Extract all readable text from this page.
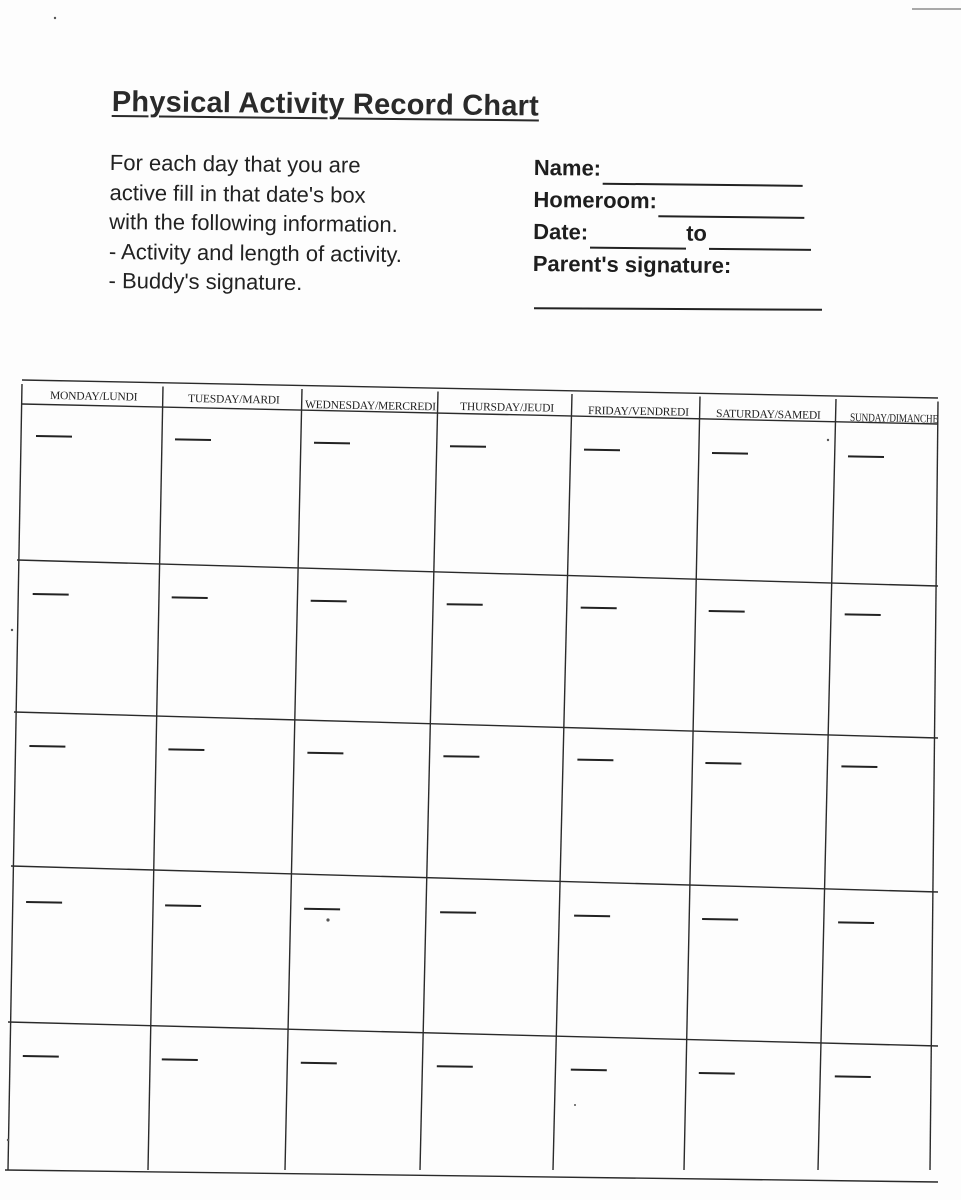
Physical Activity Record Chart
For each day that you are
active fill in that date's box
with the following information.
- Activity and length of activity.
- Buddy's signature.
Name:
Homeroom:
Date:	to
Parent's signature:
MONDAY/LUNDI	TUESDAY/MARDI WEDNESDAY/MERCREDI THURSDAY/JEUDI	FRIDAY/VENDREDI SATURDAY/SAMEDI	SUNDAY/DIMANCHE
